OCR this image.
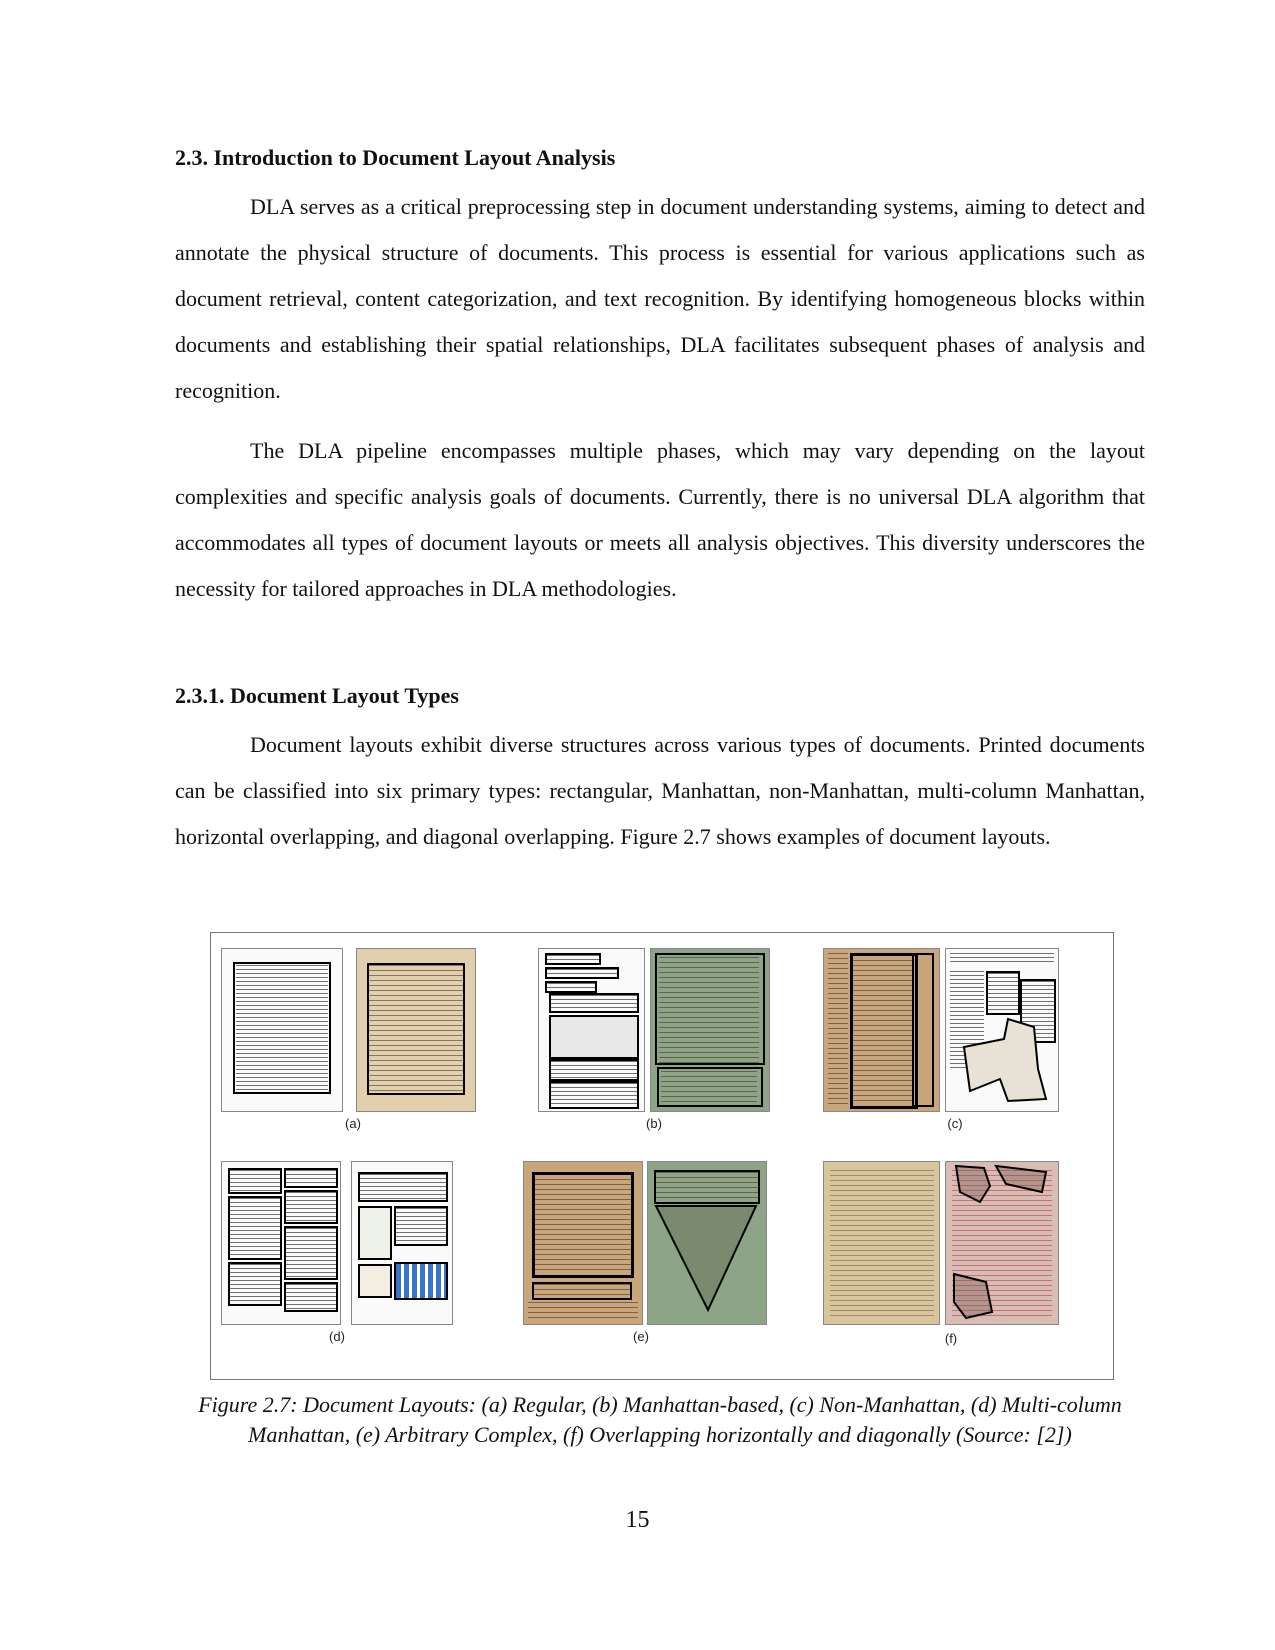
2.3. Introduction to Document Layout Analysis

DLA serves as a critical preprocessing step in document understanding systems, aiming to detect and annotate the physical structure of documents. This process is essential for various applications such as document retrieval, content categorization, and text recognition. By identifying homogeneous blocks within documents and establishing their spatial relationships, DLA facilitates subsequent phases of analysis and recognition.

The DLA pipeline encompasses multiple phases, which may vary depending on the layout complexities and specific analysis goals of documents. Currently, there is no universal DLA algorithm that accommodates all types of document layouts or meets all analysis objectives. This diversity underscores the necessity for tailored approaches in DLA methodologies.

2.3.1. Document Layout Types

Document layouts exhibit diverse structures across various types of documents. Printed documents can be classified into six primary types: rectangular, Manhattan, non-Manhattan, multi-column Manhattan, horizontal overlapping, and diagonal overlapping. Figure 2.7 shows examples of document layouts.

(a)	(b)	(c)
(d)	(e)	(f)

Figure 2.7: Document Layouts: (a) Regular, (b) Manhattan-based, (c) Non-Manhattan, (d) Multi-column Manhattan, (e) Arbitrary Complex, (f) Overlapping horizontally and diagonally (Source: [2])

15
